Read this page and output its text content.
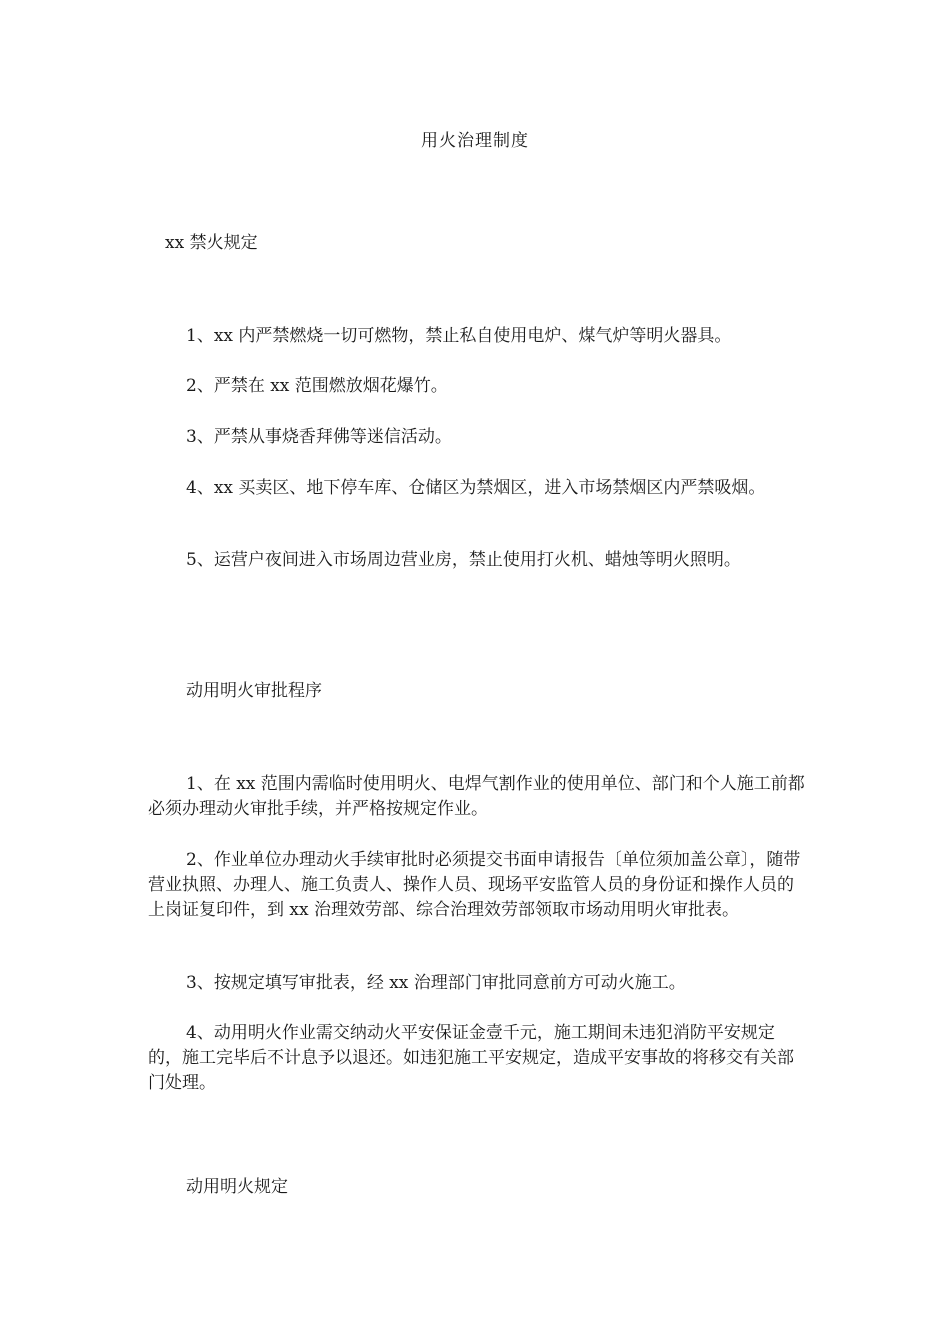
用火治理制度
xx 禁火规定

1、xx 内严禁燃烧一切可燃物，禁止私自使用电炉、煤气炉等明火器具。

2、严禁在 xx 范围燃放烟花爆竹。

3、严禁从事烧香拜佛等迷信活动。

4、xx 买卖区、地下停车库、仓储区为禁烟区，进入市场禁烟区内严禁吸烟。

5、运营户夜间进入市场周边营业房，禁止使用打火机、蜡烛等明火照明。

动用明火审批程序

1、在 xx 范围内需临时使用明火、电焊气割作业的使用单位、部门和个人施工前都必须办理动火审批手续，并严格按规定作业。

2、作业单位办理动火手续审批时必须提交书面申请报告〔单位须加盖公章〕，随带营业执照、办理人、施工负责人、操作人员、现场平安监管人员的身份证和操作人员的上岗证复印件，到 xx 治理效劳部、综合治理效劳部领取市场动用明火审批表。

3、按规定填写审批表，经 xx 治理部门审批同意前方可动火施工。

4、动用明火作业需交纳动火平安保证金壹千元，施工期间未违犯消防平安规定的，施工完毕后不计息予以退还。如违犯施工平安规定，造成平安事故的将移交有关部门处理。

动用明火规定
